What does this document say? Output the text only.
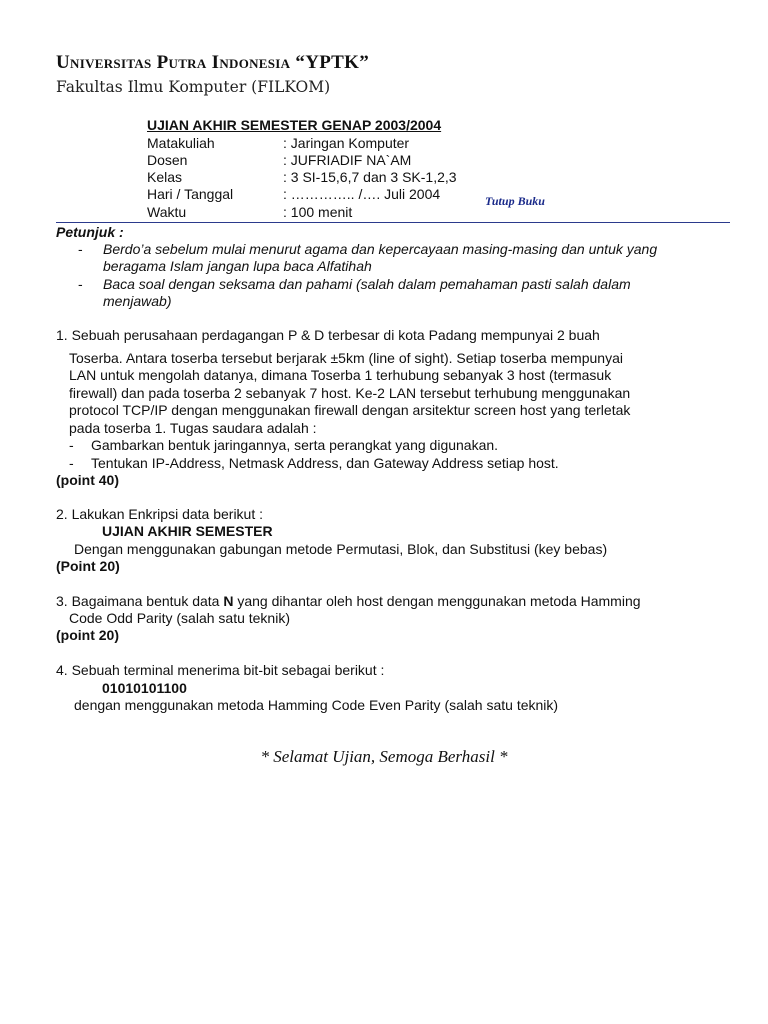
Universitas Putra Indonesia “YPTK”
Fakultas Ilmu Komputer (FILKOM)
UJIAN AKHIR SEMESTER GENAP 2003/2004
Matakuliah	: Jaringan Komputer
Dosen	: JUFRIADIF NA`AM
Kelas	: 3 SI-15,6,7 dan 3 SK-1,2,3
Hari / Tanggal	: ………….. /…. Juli 2004
Waktu	: 100 menit
Tutup Buku
Petunjuk :
- Berdo’a sebelum mulai menurut agama dan kepercayaan masing-masing dan untuk yang
beragama Islam jangan lupa baca Alfatihah
- Baca soal dengan seksama dan pahami (salah dalam pemahaman pasti salah dalam
menjawab)
1. Sebuah perusahaan perdagangan P & D terbesar di kota Padang mempunyai 2 buah
Toserba. Antara toserba tersebut berjarak ±5km (line of sight). Setiap toserba mempunyai
LAN untuk mengolah datanya, dimana Toserba 1 terhubung sebanyak 3 host (termasuk
firewall) dan pada toserba 2 sebanyak 7 host. Ke-2 LAN tersebut terhubung menggunakan
protocol TCP/IP dengan menggunakan firewall dengan arsitektur screen host yang terletak
pada toserba 1. Tugas saudara adalah :
- Gambarkan bentuk jaringannya, serta perangkat yang digunakan.
- Tentukan IP-Address, Netmask Address, dan Gateway Address setiap host.
(point 40)
2. Lakukan Enkripsi data berikut :
UJIAN AKHIR SEMESTER
Dengan menggunakan gabungan metode Permutasi, Blok, dan Substitusi (key bebas)
(Point 20)
3. Bagaimana bentuk data N yang dihantar oleh host dengan menggunakan metoda Hamming
Code Odd Parity (salah satu teknik)
(point 20)
4. Sebuah terminal menerima bit-bit sebagai berikut :
01010101100
dengan menggunakan metoda Hamming Code Even Parity (salah satu teknik)
* Selamat Ujian, Semoga Berhasil *
